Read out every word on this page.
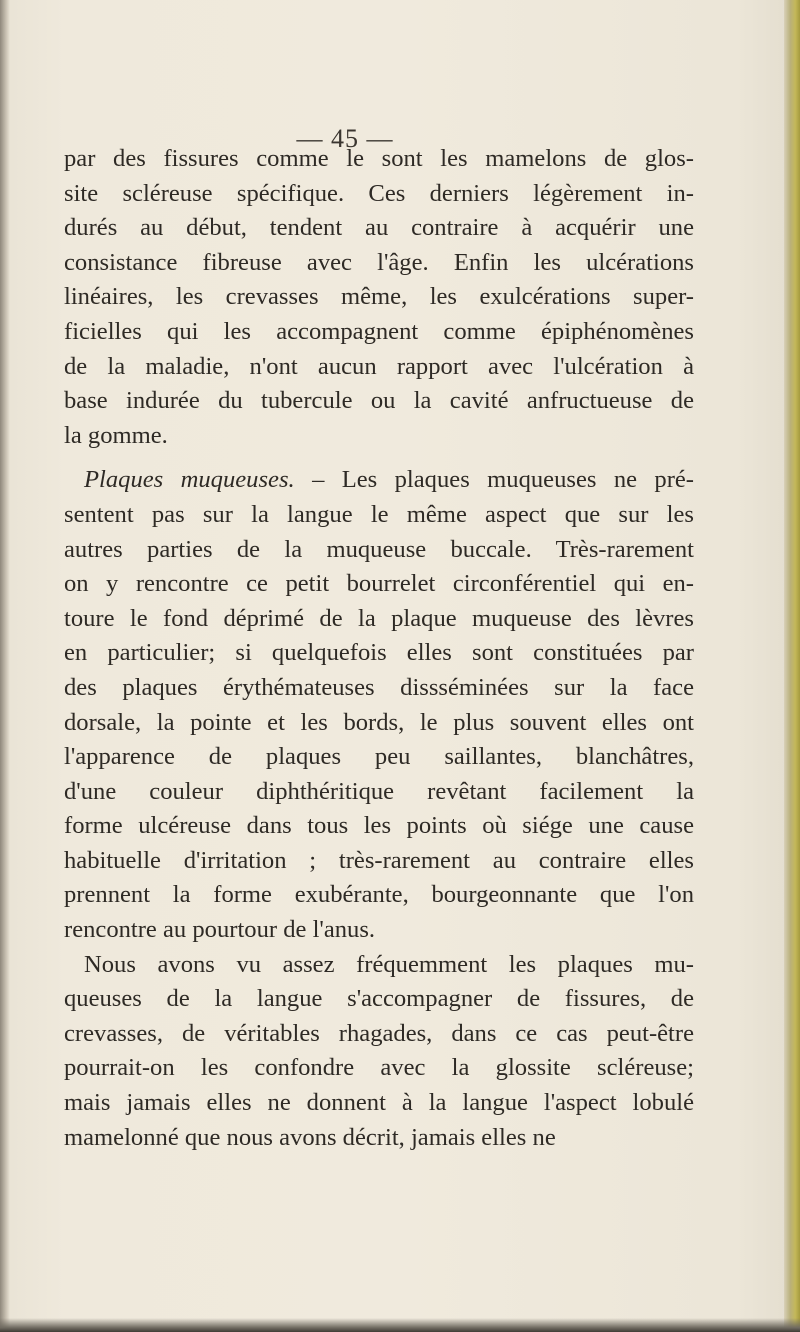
— 45 —
par des fissures comme le sont les mamelons de glos-
site scléreuse spécifique. Ces derniers légèrement in-
durés au début, tendent au contraire à acquérir une
consistance fibreuse avec l'âge. Enfin les ulcérations
linéaires, les crevasses même, les exulcérations super-
ficielles qui les accompagnent comme épiphénomènes
de la maladie, n'ont aucun rapport avec l'ulcération à
base indurée du tubercule ou la cavité anfructueuse de
la gomme.
Plaques muqueuses. – Les plaques muqueuses ne pré-
sentent pas sur la langue le même aspect que sur les
autres parties de la muqueuse buccale. Très-rarement
on y rencontre ce petit bourrelet circonférentiel qui en-
toure le fond déprimé de la plaque muqueuse des lèvres
en particulier; si quelquefois elles sont constituées par
des plaques érythémateuses dissséminées sur la face
dorsale, la pointe et les bords, le plus souvent elles ont
l'apparence de plaques peu saillantes, blanchâtres,
d'une couleur diphthéritique revêtant facilement la
forme ulcéreuse dans tous les points où siége une cause
habituelle d'irritation ; très-rarement au contraire elles
prennent la forme exubérante, bourgeonnante que l'on
rencontre au pourtour de l'anus.
Nous avons vu assez fréquemment les plaques mu-
queuses de la langue s'accompagner de fissures, de
crevasses, de véritables rhagades, dans ce cas peut-être
pourrait-on les confondre avec la glossite scléreuse;
mais jamais elles ne donnent à la langue l'aspect lobulé
mamelonné que nous avons décrit, jamais elles ne
